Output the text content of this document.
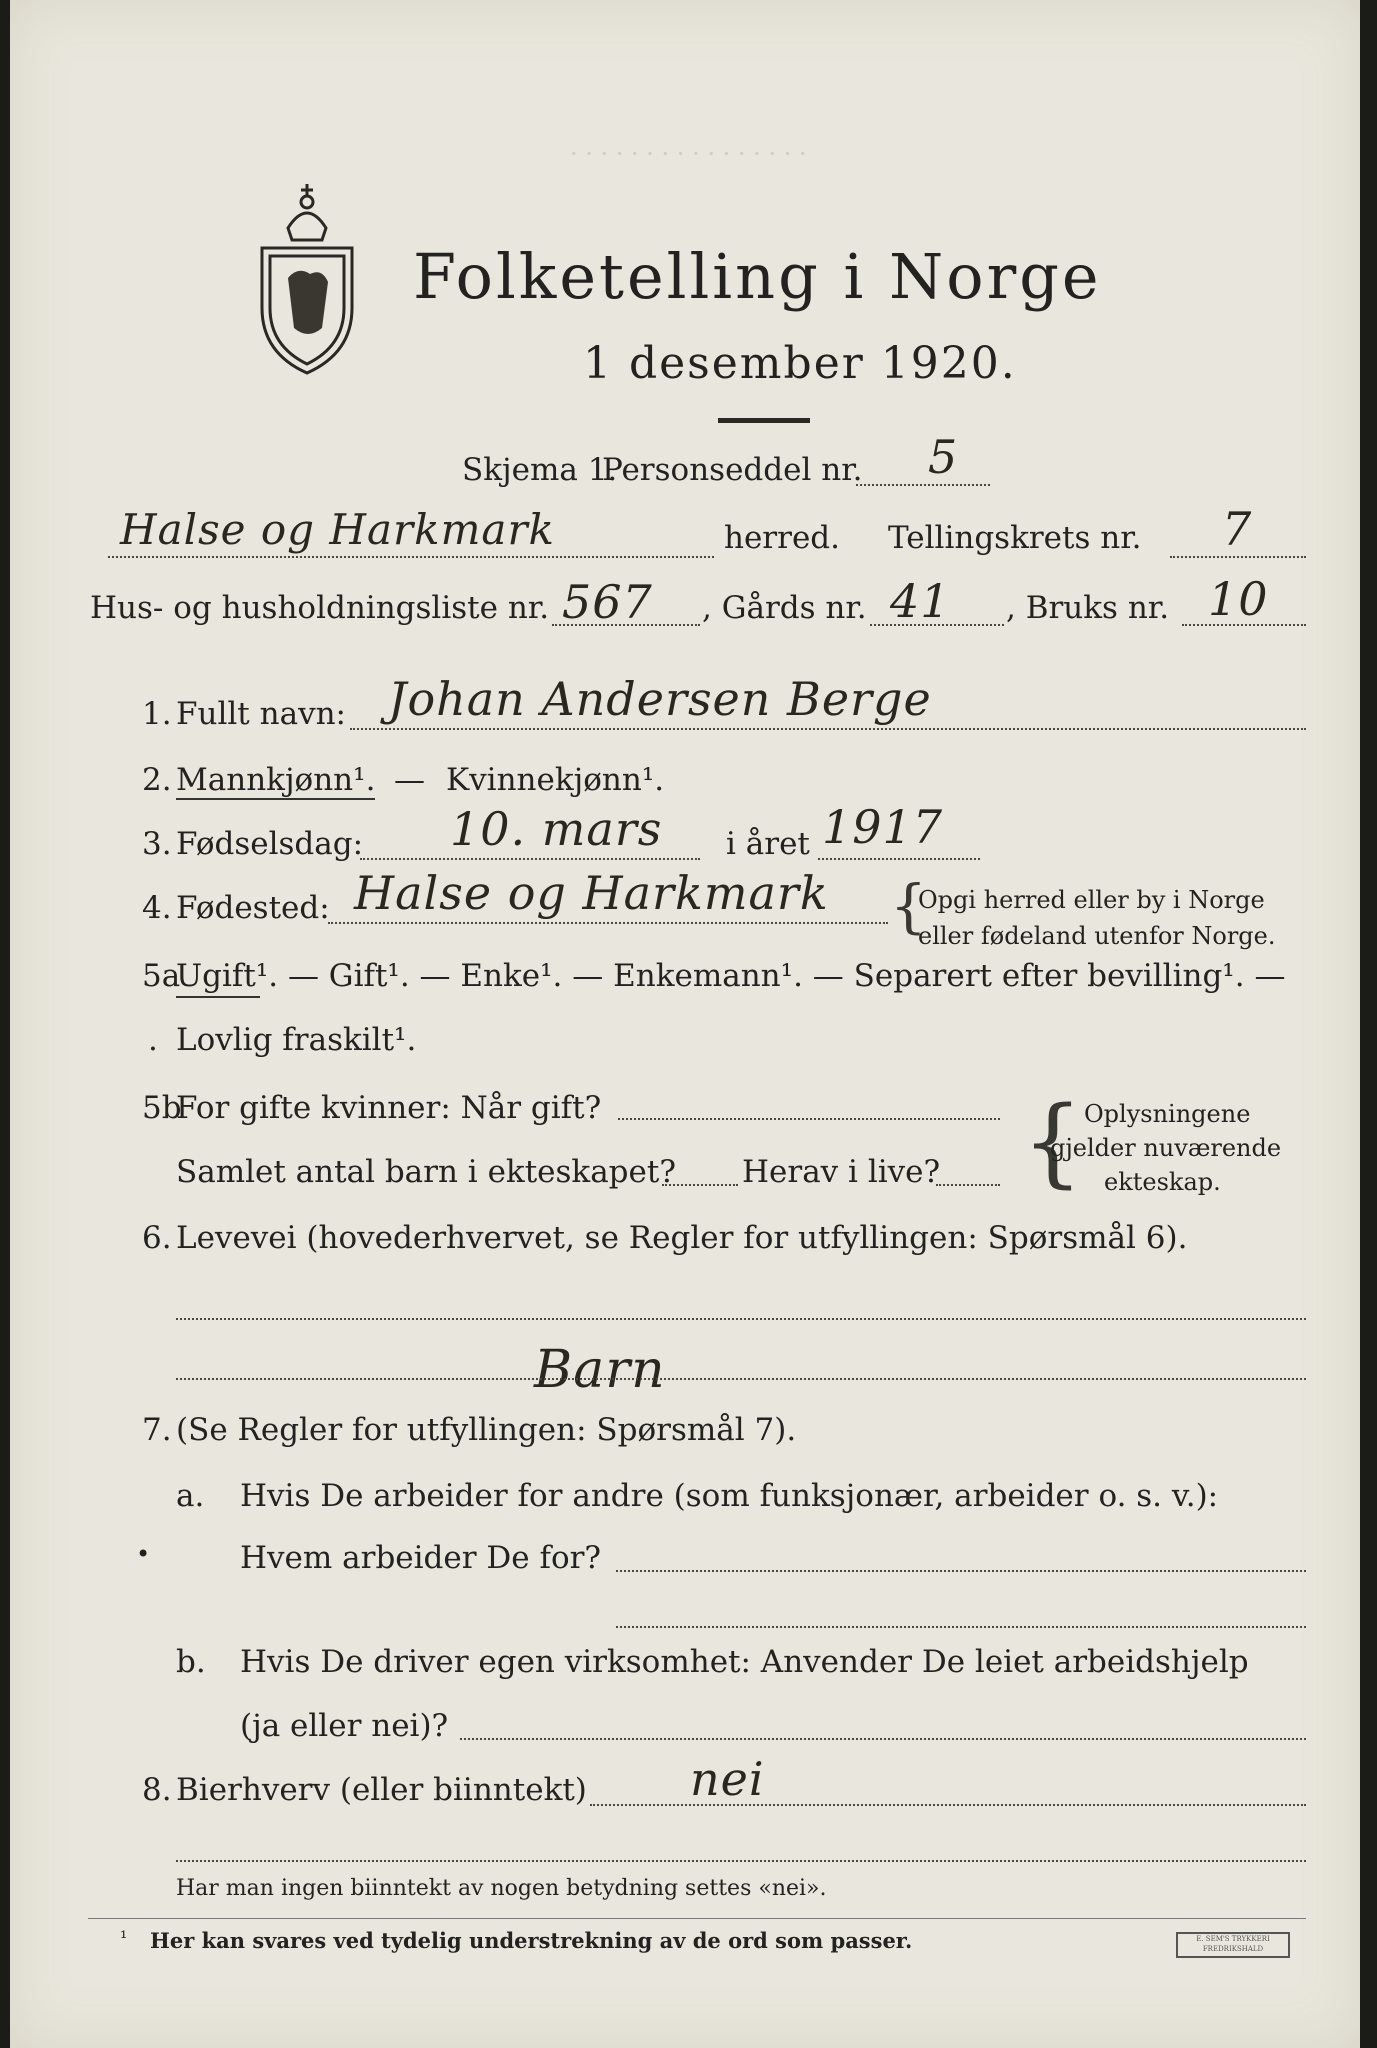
· · · · · · · · · · · · · · · ·
Folketelling i Norge
1 desember 1920.
Skjema 1.
Personseddel nr. 5
Halse og Harkmark	herred. Tellingskrets nr. 7
Hus- og husholdningsliste nr. 567 , Gårds nr. 41 , Bruks nr. 10
1. Fullt navn: Johan Andersen Berge
2. Mannkjønn¹. — Kvinnekjønn¹.
3. Fødselsdag: 10. mars i året 1917
4. Fødested: Halse og Harkmark {
Opgi herred eller by i Norge
eller fødeland utenfor Norge.
5a
Ugift¹. — Gift¹. — Enke¹. — Enkemann¹. — Separert efter bevilling¹. —
. Lovlig fraskilt¹.
5b
For gifte kvinner: Når gift?
Samlet antal barn i ekteskapet? Herav i live? { Oplysningene
gjelder nuværende
ekteskap.
6. Levevei (hovederhvervet, se Regler for utfyllingen: Spørsmål 6).
Barn
7. (Se Regler for utfyllingen: Spørsmål 7).
a. Hvis De arbeider for andre (som funksjonær, arbeider o. s. v.):
•	Hvem arbeider De for?
b. Hvis De driver egen virksomhet: Anvender De leiet arbeidshjelp
(ja eller nei)?
8. Bierhverv (eller biinntekt) nei
Har man ingen biinntekt av nogen betydning settes «nei».
¹ Her kan svares ved tydelig understrekning av de ord som passer.	E. SEM'S TRYKKERI FREDRIKSHALD
